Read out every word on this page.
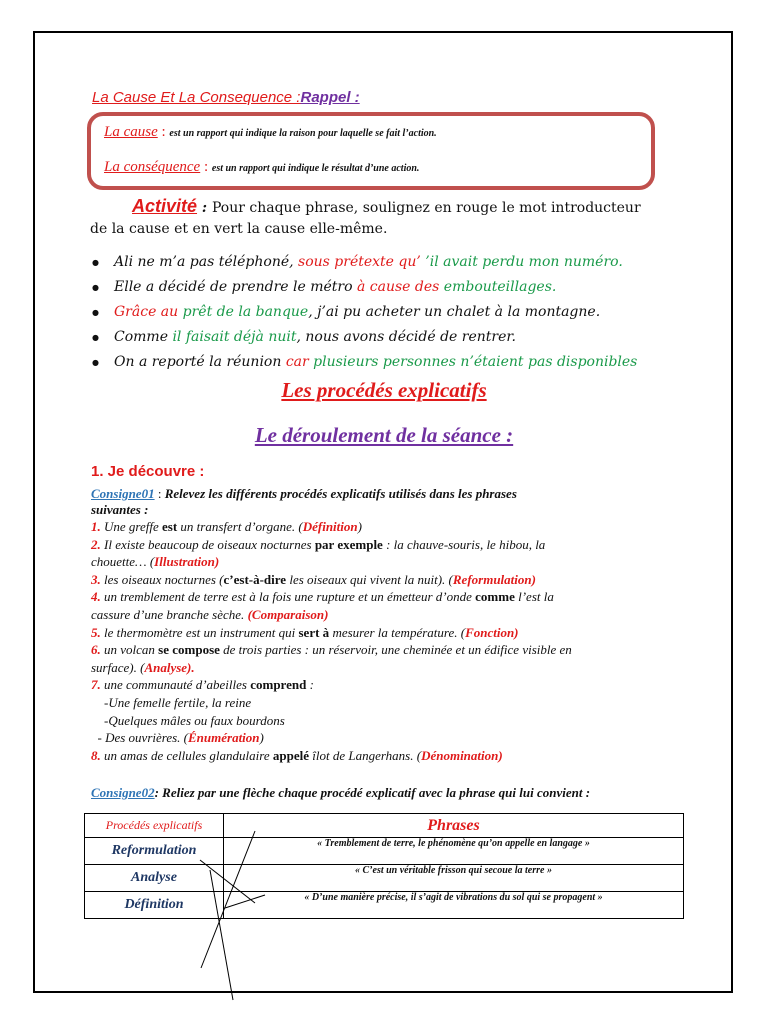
La Cause Et La Consequence :Rappel :
La cause : est un rapport qui indique la raison pour laquelle se fait l’action.
La conséquence : est un rapport qui indique le résultat d’une action.
Activité : Pour chaque phrase, soulignez en rouge le mot introducteur
de la cause et en vert la cause elle-même.
● Ali ne m’a pas téléphoné, sous prétexte qu’ ’il avait perdu mon numéro.
● Elle a décidé de prendre le métro à cause des embouteillages.
● Grâce au prêt de la banque, j’ai pu acheter un chalet à la montagne.
● Comme il faisait déjà nuit, nous avons décidé de rentrer.
● On a reporté la réunion car plusieurs personnes n’étaient pas disponibles
Les procédés explicatifs
Le déroulement de la séance :
1. Je découvre :
Consigne01 : Relevez les différents procédés explicatifs utilisés dans les phrases
suivantes :
1. Une greffe est un transfert d’organe. (Définition)
2. Il existe beaucoup de oiseaux nocturnes par exemple : la chauve-souris, le hibou, la
chouette… (Illustration)
3. les oiseaux nocturnes (c’est-à-dire les oiseaux qui vivent la nuit). (Reformulation)
4. un tremblement de terre est à la fois une rupture et un émetteur d’onde comme l’est la
cassure d’une branche sèche. (Comparaison)
5. le thermomètre est un instrument qui sert à mesurer la température. (Fonction)
6. un volcan se compose de trois parties : un réservoir, une cheminée et un édifice visible en
surface). (Analyse).
7. une communauté d’abeilles comprend :
-Une femelle fertile, la reine
-Quelques mâles ou faux bourdons
- Des ouvrières. (Énumération)
8. un amas de cellules glandulaire appelé îlot de Langerhans. (Dénomination)
Consigne02: Reliez par une flèche chaque procédé explicatif avec la phrase qui lui convient :
Procédés explicatifs	Phrases
Reformulation	« Tremblement de terre, le phénomène qu’on appelle en langage »
Analyse	« C’est un véritable frisson qui secoue la terre »
Définition	« D’une manière précise, il s’agit de vibrations du sol qui se propagent »
